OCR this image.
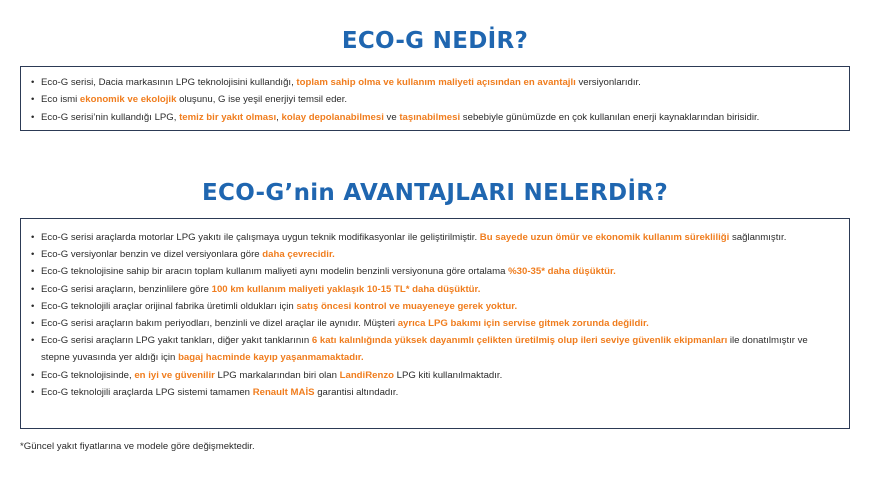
ECO-G NEDİR?
• Eco-G serisi, Dacia markasının LPG teknolojisini kullandığı, toplam sahip olma ve kullanım maliyeti açısından en avantajlı versiyonlarıdır.
• Eco ismi ekonomik ve ekolojik oluşunu, G ise yeşil enerjiyi temsil eder.
• Eco-G serisi’nin kullandığı LPG, temiz bir yakıt olması, kolay depolanabilmesi ve taşınabilmesi sebebiyle günümüzde en çok kullanılan enerji kaynaklarından birisidir.
ECO-G’nin AVANTAJLARI NELERDİR?
• Eco-G serisi araçlarda motorlar LPG yakıtı ile çalışmaya uygun teknik modifikasyonlar ile geliştirilmiştir. Bu sayede uzun ömür ve ekonomik kullanım sürekliliği sağlanmıştır.
• Eco-G versiyonlar benzin ve dizel versiyonlara göre daha çevrecidir.
• Eco-G teknolojisine sahip bir aracın toplam kullanım maliyeti aynı modelin benzinli versiyonuna göre ortalama %30-35* daha düşüktür.
• Eco-G serisi araçların, benzinlilere göre 100 km kullanım maliyeti yaklaşık 10-15 TL* daha düşüktür.
• Eco-G teknolojili araçlar orijinal fabrika üretimli oldukları için satış öncesi kontrol ve muayeneye gerek yoktur.
• Eco-G serisi araçların bakım periyodları, benzinli ve dizel araçlar ile aynıdır. Müşteri ayrıca LPG bakımı için servise gitmek zorunda değildir.
• Eco-G serisi araçların LPG yakıt tankları, diğer yakıt tanklarının 6 katı kalınlığında yüksek dayanımlı çelikten üretilmiş olup ileri seviye güvenlik ekipmanları ile donatılmıştır ve stepne yuvasında yer aldığı için bagaj hacminde kayıp yaşanmamaktadır.
• Eco-G teknolojisinde, en iyi ve güvenilir LPG markalarından biri olan LandiRenzo LPG kiti kullanılmaktadır.
• Eco-G teknolojili araçlarda LPG sistemi tamamen Renault MAİS garantisi altındadır.
*Güncel yakıt fiyatlarına ve modele göre değişmektedir.
